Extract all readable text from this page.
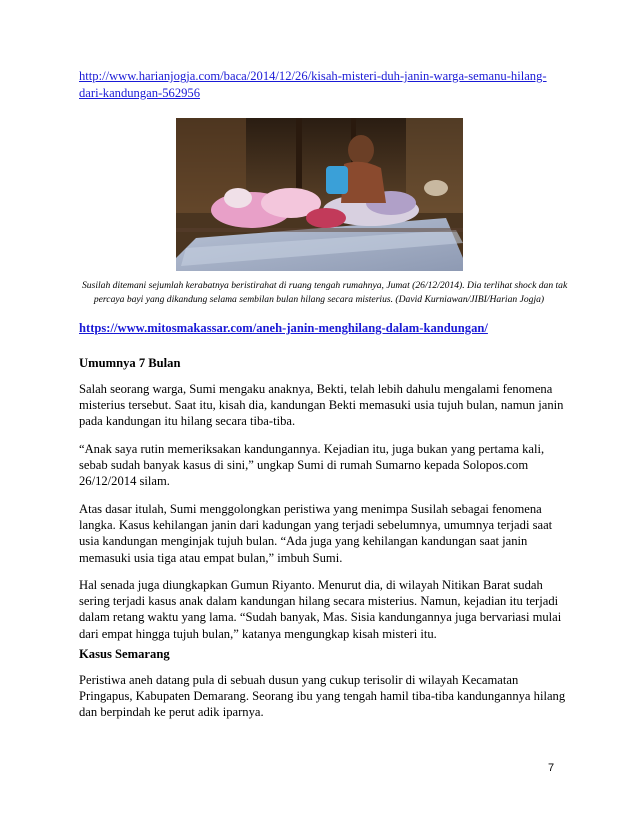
http://www.harianjogja.com/baca/2014/12/26/kisah-misteri-duh-janin-warga-semanu-hilang-
dari-kandungan-562956
Susilah ditemani sejumlah kerabatnya beristirahat di ruang tengah rumahnya, Jumat (26/12/2014). Dia terlihat shock dan tak
percaya bayi yang dikandung selama sembilan bulan hilang secara misterius. (David Kurniawan/JIBI/Harian Jogja)
https://www.mitosmakassar.com/aneh-janin-menghilang-dalam-kandungan/
Umumnya 7 Bulan
Salah seorang warga, Sumi mengaku anaknya, Bekti, telah lebih dahulu mengalami fenomena
misterius tersebut. Saat itu, kisah dia, kandungan Bekti memasuki usia tujuh bulan, namun janin
pada kandungan itu hilang secara tiba-tiba.
“Anak saya rutin memeriksakan kandungannya. Kejadian itu, juga bukan yang pertama kali,
sebab sudah banyak kasus di sini,” ungkap Sumi di rumah Sumarno kepada Solopos.com
26/12/2014 silam.
Atas dasar itulah, Sumi menggolongkan peristiwa yang menimpa Susilah sebagai fenomena
langka. Kasus kehilangan janin dari kadungan yang terjadi sebelumnya, umumnya terjadi saat
usia kandungan menginjak tujuh bulan. “Ada juga yang kehilangan kandungan saat janin
memasuki usia tiga atau empat bulan,” imbuh Sumi.
Hal senada juga diungkapkan Gumun Riyanto. Menurut dia, di wilayah Nitikan Barat sudah
sering terjadi kasus anak dalam kandungan hilang secara misterius. Namun, kejadian itu terjadi
dalam retang waktu yang lama. “Sudah banyak, Mas. Sisia kandungannya juga bervariasi mulai
dari empat hingga tujuh bulan,” katanya mengungkap kisah misteri itu.
Kasus Semarang
Peristiwa aneh datang pula di sebuah dusun yang cukup terisolir di wilayah Kecamatan
Pringapus, Kabupaten Demarang. Seorang ibu yang tengah hamil tiba-tiba kandungannya hilang
dan berpindah ke perut adik iparnya.
7
